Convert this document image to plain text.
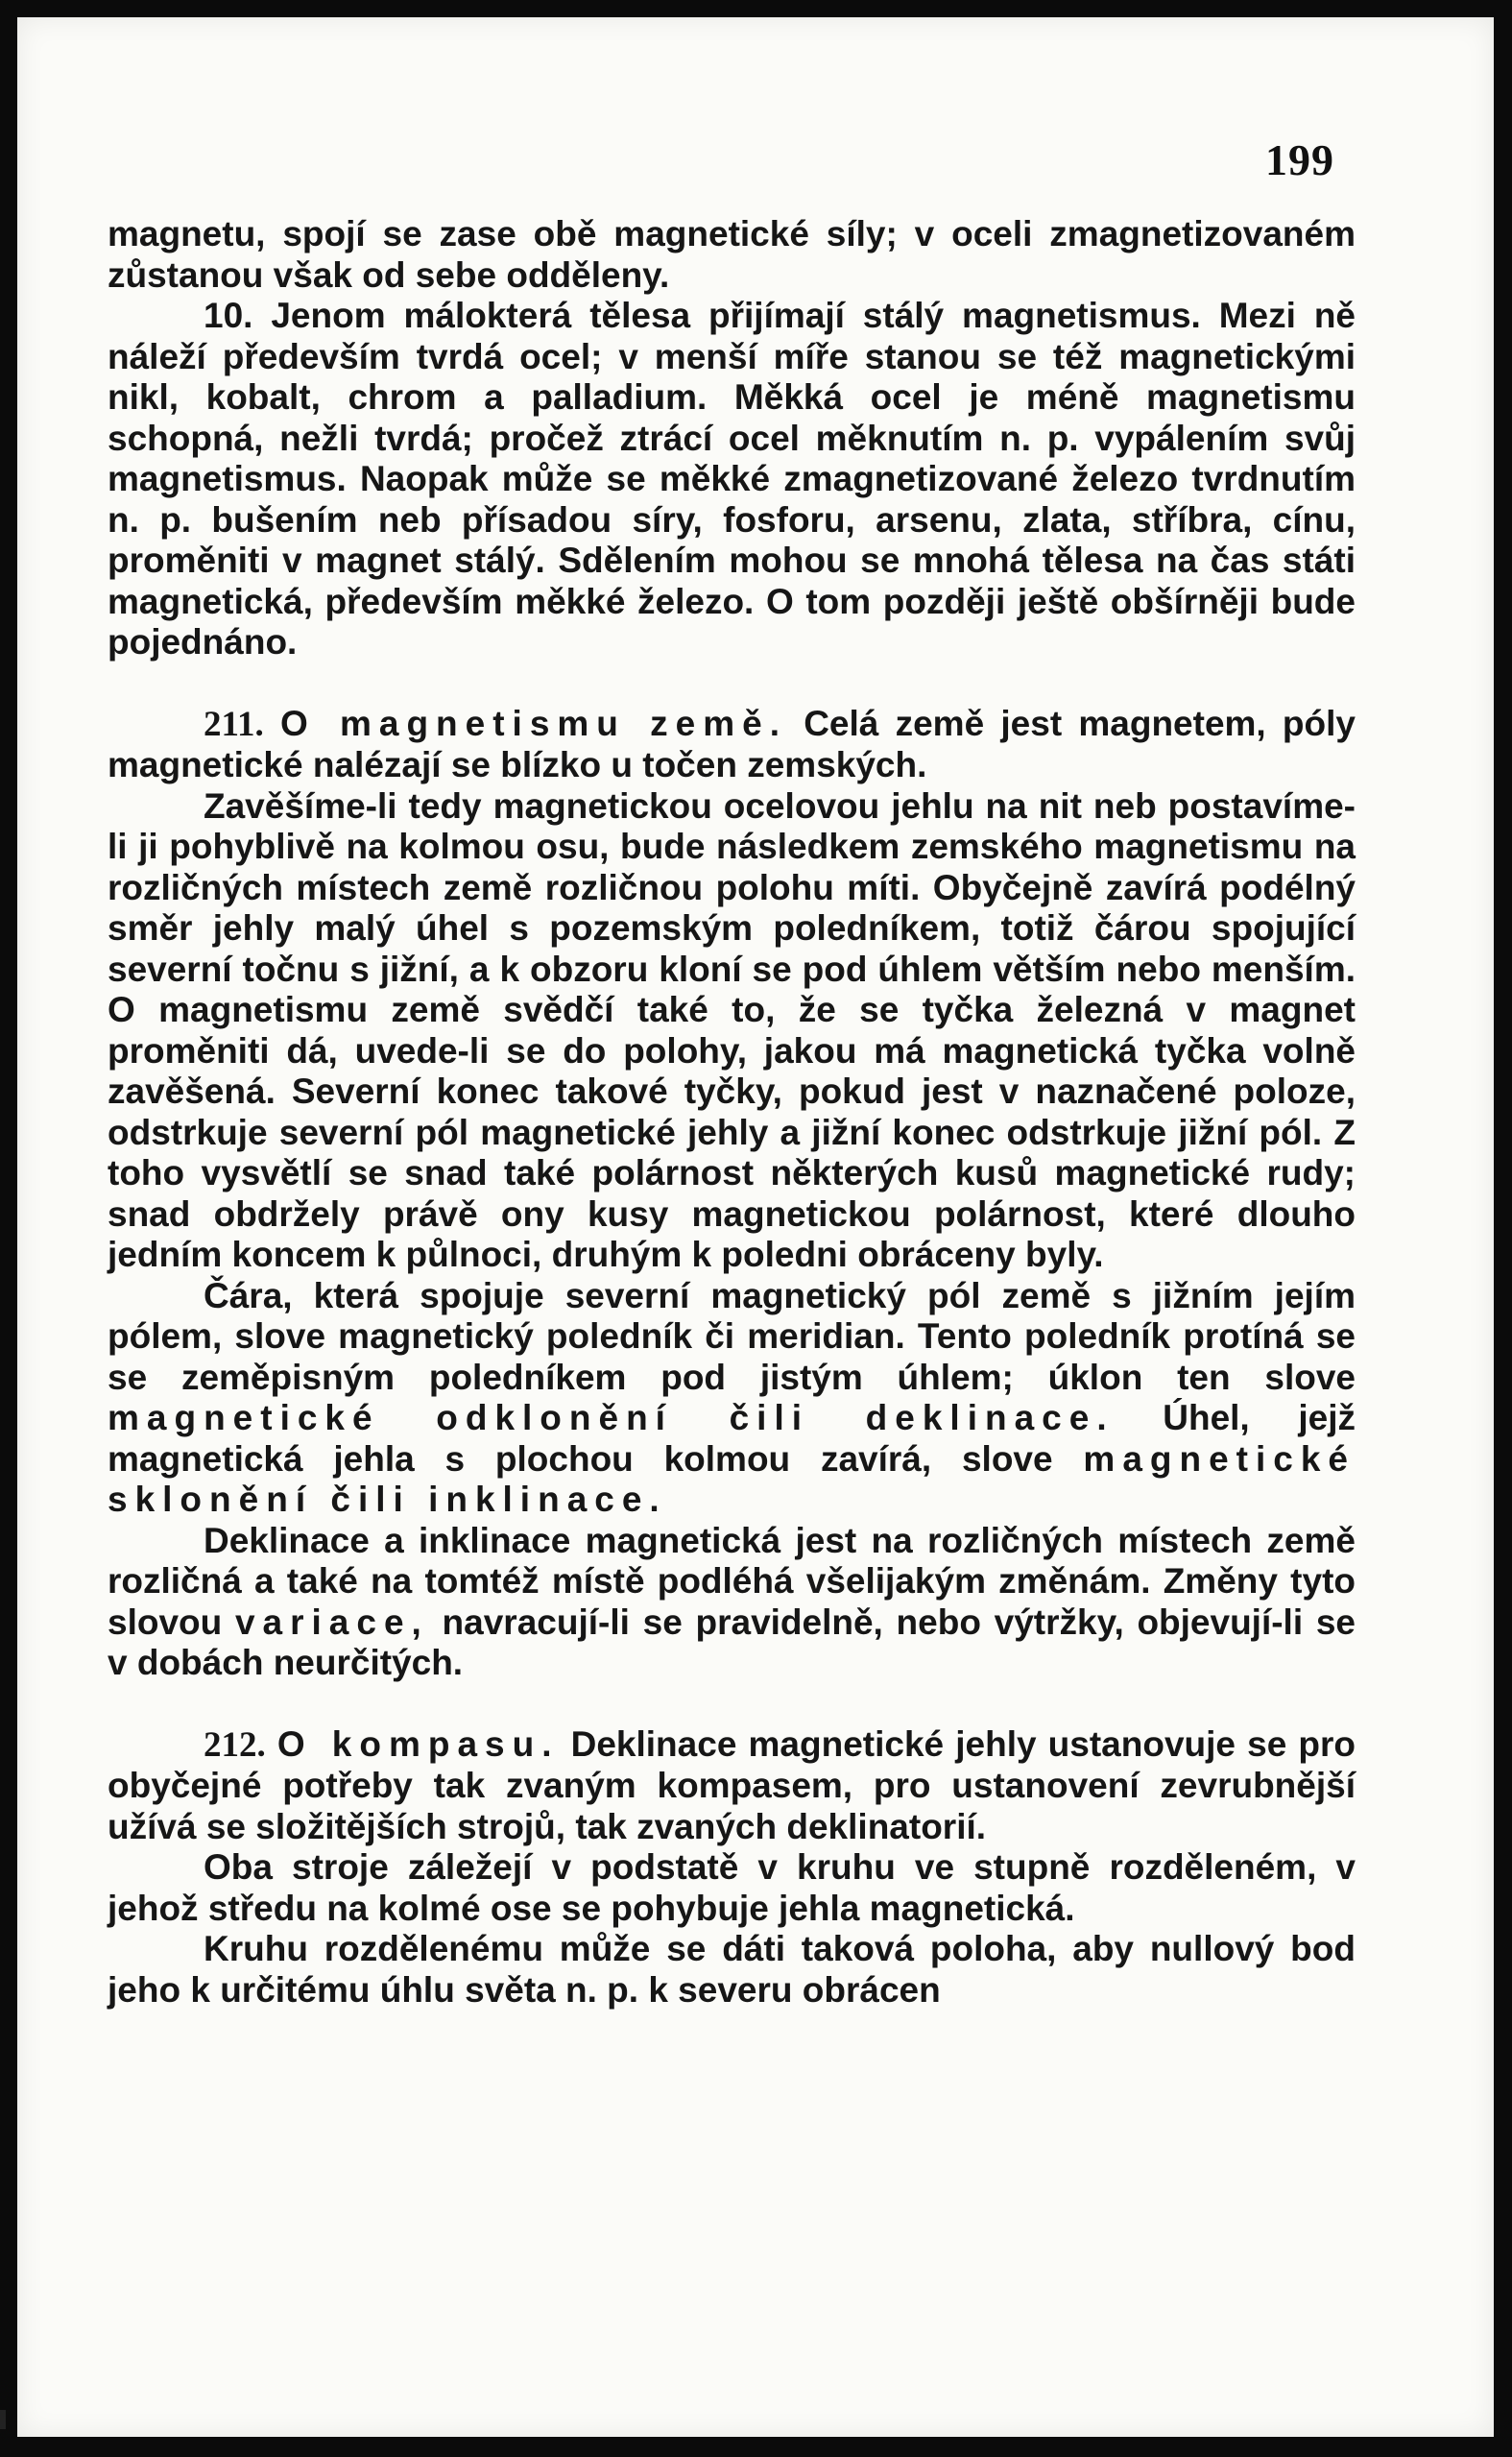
199

magnetu, spojí se zase obě magnetické síly; v oceli zmagnetizovaném zůstanou však od sebe odděleny.

10. Jenom málokterá tělesa přijímají stálý magnetismus. Mezi ně náleží především tvrdá ocel; v menší míře stanou se též magnetickými nikl, kobalt, chrom a palladium. Měkká ocel je méně magnetismu schopná, nežli tvrdá; pročež ztrácí ocel měknutím n. p. vypálením svůj magnetismus. Naopak může se měkké zmagnetizované železo tvrdnutím n. p. bušením neb přísadou síry, fosforu, arsenu, zlata, stříbra, cínu, proměniti v magnet stálý. Sdělením mohou se mnohá tělesa na čas státi magnetická, především měkké železo. O tom později ještě obšírněji bude pojednáno.

211. O magnetismu země. Celá země jest magnetem, póly magnetické nalézají se blízko u točen zemských.

Zavěšíme-li tedy magnetickou ocelovou jehlu na nit neb postavíme-li ji pohyblivě na kolmou osu, bude následkem zemského magnetismu na rozličných místech země rozličnou polohu míti. Obyčejně zavírá podélný směr jehly malý úhel s pozemským poledníkem, totiž čárou spojující severní točnu s jižní, a k obzoru kloní se pod úhlem větším nebo menším. O magnetismu země svědčí také to, že se tyčka železná v magnet proměniti dá, uvede-li se do polohy, jakou má magnetická tyčka volně zavěšená. Severní konec takové tyčky, pokud jest v naznačené poloze, odstrkuje severní pól magnetické jehly a jižní konec odstrkuje jižní pól. Z toho vysvětlí se snad také polárnost některých kusů magnetické rudy; snad obdržely právě ony kusy magnetickou polárnost, které dlouho jedním koncem k půlnoci, druhým k poledni obráceny byly.

Čára, která spojuje severní magnetický pól země s jižním jejím pólem, slove magnetický poledník či meridian. Tento poledník protíná se se zeměpisným poledníkem pod jistým úhlem; úklon ten slove magnetické odklonění čili deklinace. Úhel, jejž magnetická jehla s plochou kolmou zavírá, slove magnetické sklonění čili inklinace.

Deklinace a inklinace magnetická jest na rozličných místech země rozličná a také na tomtéž místě podléhá všelijakým změnám. Změny tyto slovou variace, navracují-li se pravidelně, nebo výtržky, objevují-li se v dobách neurčitých.

212. O kompasu. Deklinace magnetické jehly ustanovuje se pro obyčejné potřeby tak zvaným kompasem, pro ustanovení zevrubnější užívá se složitějších strojů, tak zvaných deklinatorií.

Oba stroje záležejí v podstatě v kruhu ve stupně rozděleném, v jehož středu na kolmé ose se pohybuje jehla magnetická.

Kruhu rozdělenému může se dáti taková poloha, aby nullový bod jeho k určitému úhlu světa n. p. k severu obrácen
